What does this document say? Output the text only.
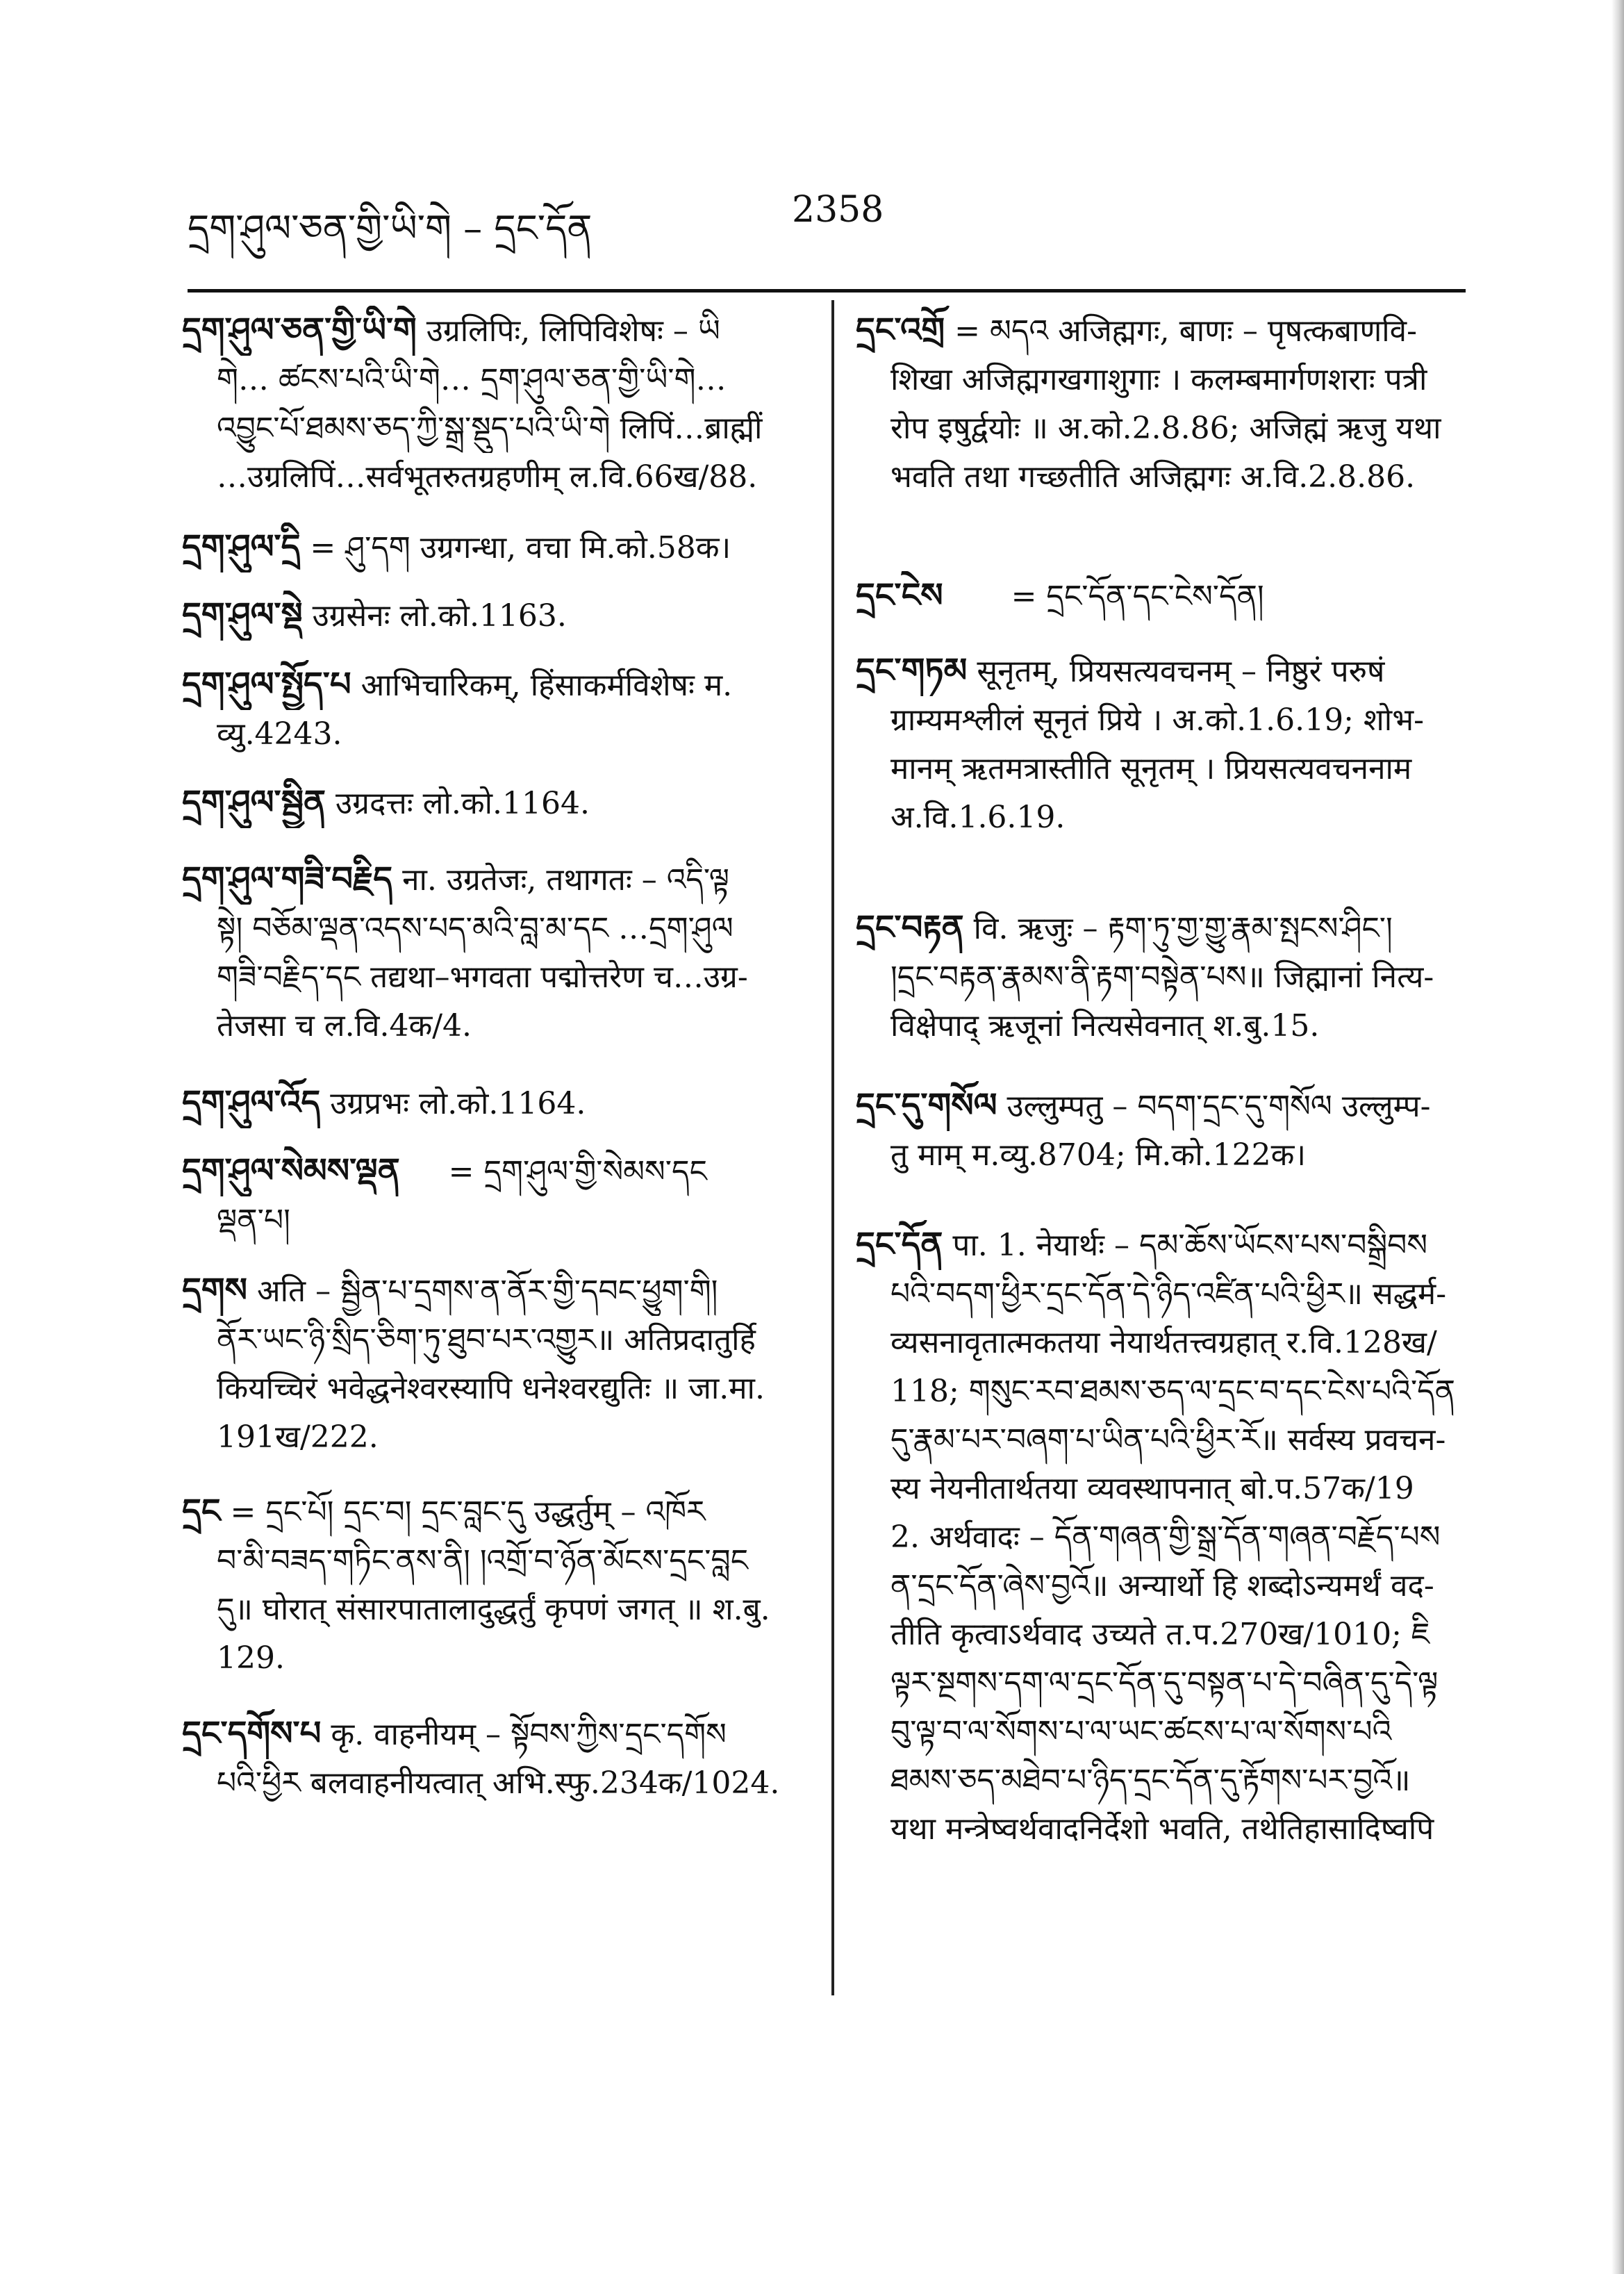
དྲག་ཤུལ་ཅན་གྱི་ཡི་གེ – དྲང་དོན	2358
དྲག་ཤུལ་ཅན་གྱི་ཡི་གེ उग्रलिपिः, लिपिविशेषः – ཡི
གེ… ཚངས་པའི་ཡི་གེ… དྲག་ཤུལ་ཅན་གྱི་ཡི་གེ…
འབྱུང་པོ་ཐམས་ཅད་ཀྱི་སྒྲ་སྡུད་པའི་ཡི་གེ लिपिं…ब्राह्मीं
…उग्रलिपिं…सर्वभूतरुतग्रहणीम् ल.वि.66ख/88.
དྲག་ཤུལ་དྲི = ཤུ་དག उग्रगन्धा, वचा मि.को.58क।
དྲག་ཤུལ་སྡེ उग्रसेनः लो.को.1163.
དྲག་ཤུལ་སྤྱོད་པ आभिचारिकम्, हिंसाकर्मविशेषः म.
व्यु.4243.
དྲག་ཤུལ་སྦྱིན उग्रदत्तः लो.को.1164.
དྲག་ཤུལ་གཟི་བརྗིད ना. उग्रतेजः, तथागतः – འདི་ལྟ
སྟེ། བཅོམ་ལྡན་འདས་པད་མའི་བླ་མ་དང …དྲག་ཤུལ
གཟི་བརྗིད་དང तद्यथा–भगवता पद्मोत्तरेण च…उग्र-
तेजसा च ल.वि.4क/4.
དྲག་ཤུལ་འོད उग्रप्रभः लो.को.1164.
དྲག་ཤུལ་སེམས་ལྡན = དྲག་ཤུལ་གྱི་སེམས་དང
ལྡན་པ།
དྲགས अति – སྦྱིན་པ་དྲགས་ན་ནོར་གྱི་དབང་ཕྱུག་གི།
ནོར་ཡང་ཉི་སྲིད་ཅིག་ཏུ་ཐུབ་པར་འགྱུར॥ अतिप्रदातुर्हि
कियच्चिरं भवेद्धनेश्वरस्यापि धनेश्वरद्युतिः ॥ जा.मा.
191ख/222.
དྲང = དྲང་པོ། དྲང་བ། དྲང་བླང་དུ उद्धर्तुम् – འཁོར
བ་མི་བཟད་གཏིང་ནས་ནི། །འགྲོ་བ་ཉོན་མོངས་དྲང་བླང
དུ॥ घोरात् संसारपातालादुद्धर्तुं कृपणं जगत् ॥ श.बु.
129.
དྲང་དགོས་པ कृ. वाहनीयम् – སྟོབས་ཀྱིས་དྲང་དགོས
པའི་ཕྱིར बलवाहनीयत्वात् अभि.स्फु.234क/1024.
དྲང་འགྲོ = མདའ अजिह्मगः, बाणः – पृषत्कबाणवि-
शिखा अजिह्मगखगाशुगाः । कलम्बमार्गणशराः पत्री
रोप इषुर्द्वयोः ॥ अ.को.2.8.86; अजिह्मं ऋजु यथा
भवति तथा गच्छतीति अजिह्मगः अ.वि.2.8.86.
དྲང་ངེས = དྲང་དོན་དང་ངེས་དོན།
དྲང་གཏམ सूनृतम्, प्रियसत्यवचनम् – निष्ठुरं परुषं
ग्राम्यमश्लीलं सूनृतं प्रिये । अ.को.1.6.19; शोभ-
मानम् ऋतमत्रास्तीति सूनृतम् । प्रियसत्यवचननाम
अ.वि.1.6.19.
དྲང་བརྟན वि. ऋजुः – རྟག་ཏུ་གྱ་གྱུ་རྣམ་སྤངས་ཤིང་།
།དྲང་བརྟན་རྣམས་ནི་རྟག་བསྟེན་པས॥ जिह्मानां नित्य-
विक्षेपाद् ऋजूनां नित्यसेवनात् श.बु.15.
དྲང་དུ་གསོལ उल्लुम्पतु – བདག་དྲང་དུ་གསོལ उल्लुम्प-
तु माम् म.व्यु.8704; मि.को.122क।
དྲང་དོན पा. 1. नेयार्थः – དམ་ཆོས་ཡོངས་པས་བསྒྲིབས
པའི་བདག་ཕྱིར་དྲང་དོན་དེ་ཉིད་འཛིན་པའི་ཕྱིར॥ सद्धर्म-
व्यसनावृतात्मकतया नेयार्थतत्त्वग्रहात् र.वि.128ख/
118; གསུང་རབ་ཐམས་ཅད་ལ་དྲང་བ་དང་ངེས་པའི་དོན
དུ་རྣམ་པར་བཞག་པ་ཡིན་པའི་ཕྱིར་རོ॥ सर्वस्य प्रवचन-
स्य नेयनीतार्थतया व्यवस्थापनात् बो.प.57क/19
2. अर्थवादः – དོན་གཞན་གྱི་སྒྲ་དོན་གཞན་བརྗོད་པས
ན་དྲང་དོན་ཞེས་བྱའོ॥ अन्यार्थो हि शब्दोऽन्यमर्थं वद-
तीति कृत्वाऽर्थवाद उच्यते त.प.270ख/1010; ཇི
ལྟར་སྔགས་དག་ལ་དྲང་དོན་དུ་བསྟན་པ་དེ་བཞིན་དུ་དེ་ལྟ
བུ་ལྟ་བ་ལ་སོགས་པ་ལ་ཡང་ཚངས་པ་ལ་སོགས་པའི
ཐམས་ཅད་མཐེབ་པ་ཉིད་དྲང་དོན་དུ་རྟོགས་པར་བྱའོ॥
यथा मन्त्रेष्वर्थवादनिर्देशो भवति, तथेतिहासादिष्वपि
